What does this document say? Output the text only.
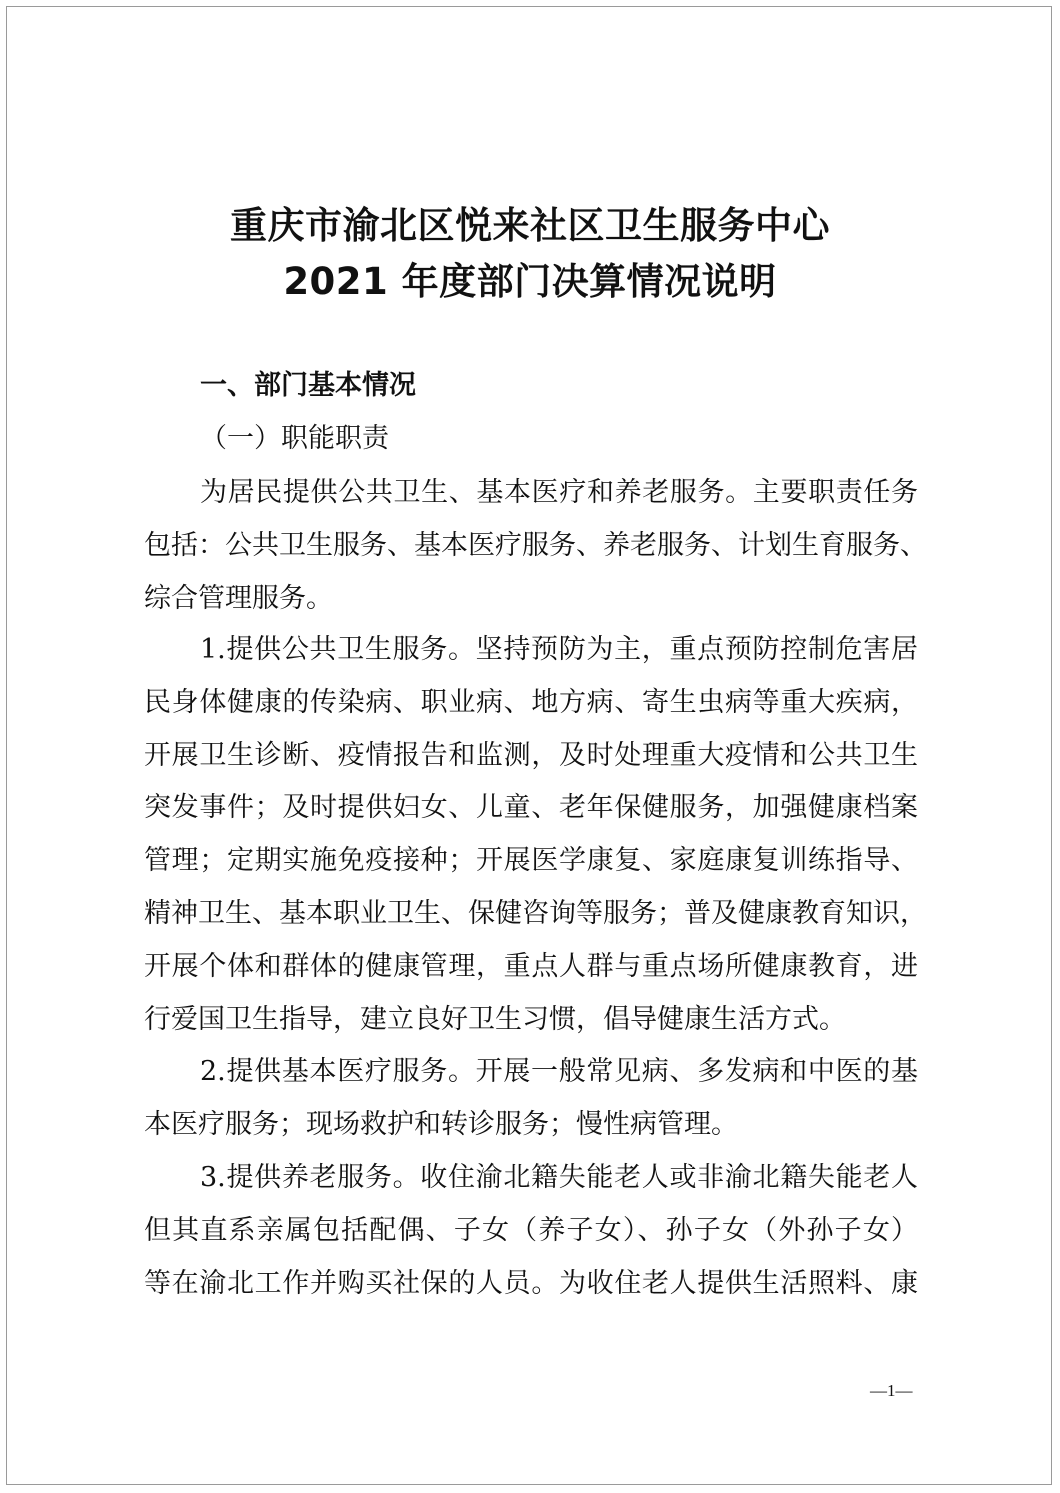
重庆市渝北区悦来社区卫生服务中心
2021 年度部门决算情况说明
一、部门基本情况
（一）职能职责
为居民提供公共卫生、基本医疗和养老服务。主要职责任务
包括：公共卫生服务、基本医疗服务、养老服务、计划生育服务、
综合管理服务。
1.提供公共卫生服务。坚持预防为主，重点预防控制危害居
民身体健康的传染病、职业病、地方病、寄生虫病等重大疾病，
开展卫生诊断、疫情报告和监测，及时处理重大疫情和公共卫生
突发事件；及时提供妇女、儿童、老年保健服务，加强健康档案
管理；定期实施免疫接种；开展医学康复、家庭康复训练指导、
精神卫生、基本职业卫生、保健咨询等服务；普及健康教育知识，
开展个体和群体的健康管理，重点人群与重点场所健康教育，进
行爱国卫生指导，建立良好卫生习惯，倡导健康生活方式。
2.提供基本医疗服务。开展一般常见病、多发病和中医的基
本医疗服务；现场救护和转诊服务；慢性病管理。
3.提供养老服务。收住渝北籍失能老人或非渝北籍失能老人
但其直系亲属包括配偶、子女（养子女）、孙子女（外孙子女）
等在渝北工作并购买社保的人员。为收住老人提供生活照料、康
—1—
